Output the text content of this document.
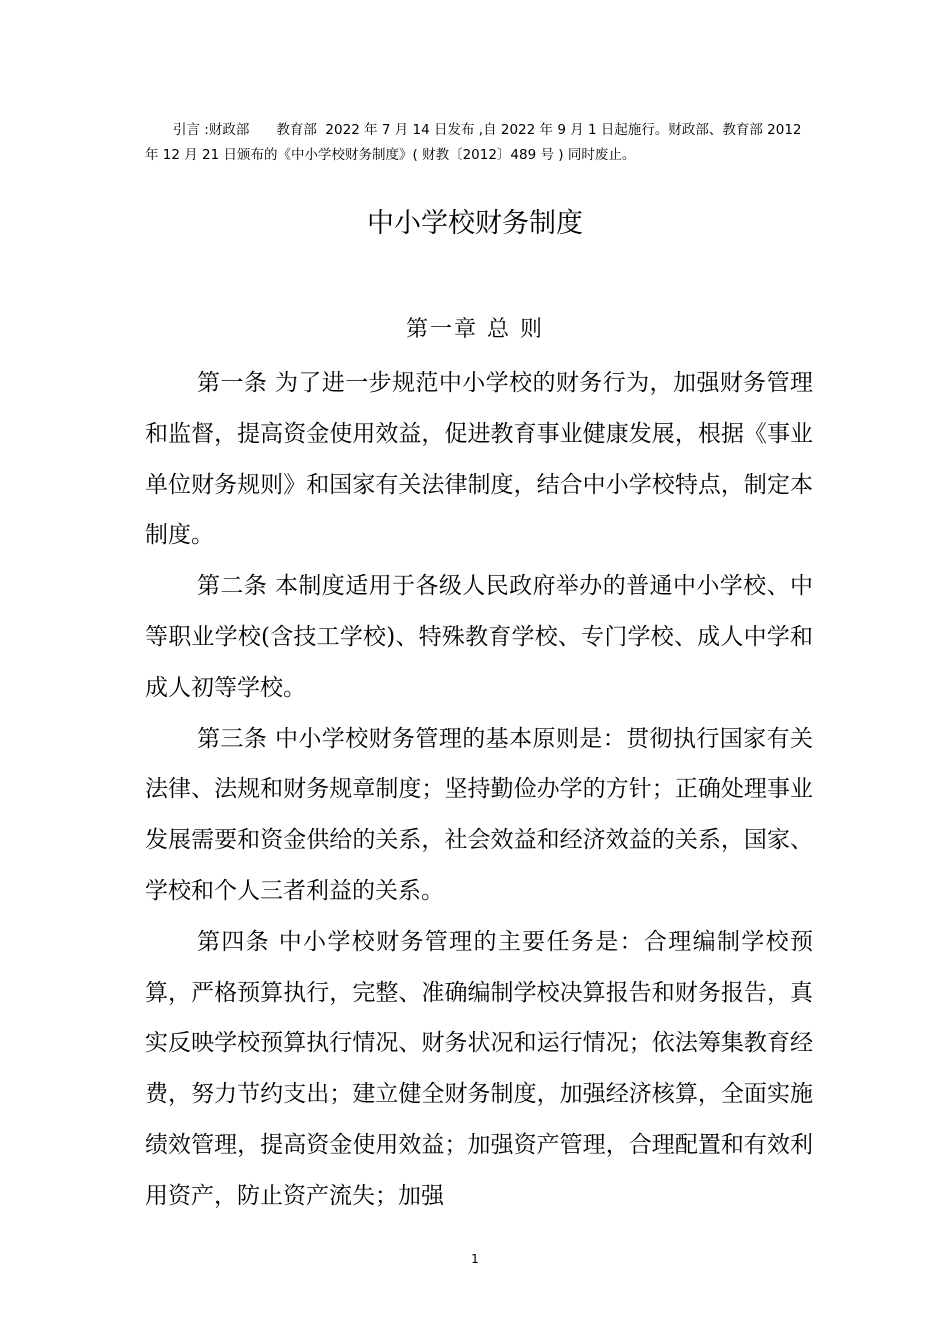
引言 :财政部　　教育部  2022 年 7 月 14 日发布 ,自 2022 年 9 月 1 日起施行。财政部、教育部 2012 年 12 月 21 日颁布的《中小学校财务制度》( 财教〔2012〕489 号 ) 同时废止。
中小学校财务制度
第一章 总 则

第一条 为了进一步规范中小学校的财务行为，加强财务管理和监督，提高资金使用效益，促进教育事业健康发展，根据《事业单位财务规则》和国家有关法律制度，结合中小学校特点，制定本制度。

第二条 本制度适用于各级人民政府举办的普通中小学校、中等职业学校(含技工学校)、特殊教育学校、专门学校、成人中学和成人初等学校。

第三条 中小学校财务管理的基本原则是：贯彻执行国家有关法律、法规和财务规章制度；坚持勤俭办学的方针；正确处理事业发展需要和资金供给的关系，社会效益和经济效益的关系，国家、学校和个人三者利益的关系。

第四条 中小学校财务管理的主要任务是：合理编制学校预算，严格预算执行，完整、准确编制学校决算报告和财务报告，真实反映学校预算执行情况、财务状况和运行情况；依法筹集教育经费，努力节约支出；建立健全财务制度，加强经济核算，全面实施绩效管理，提高资金使用效益；加强资产管理，合理配置和有效利用资产，防止资产流失；加强

1
